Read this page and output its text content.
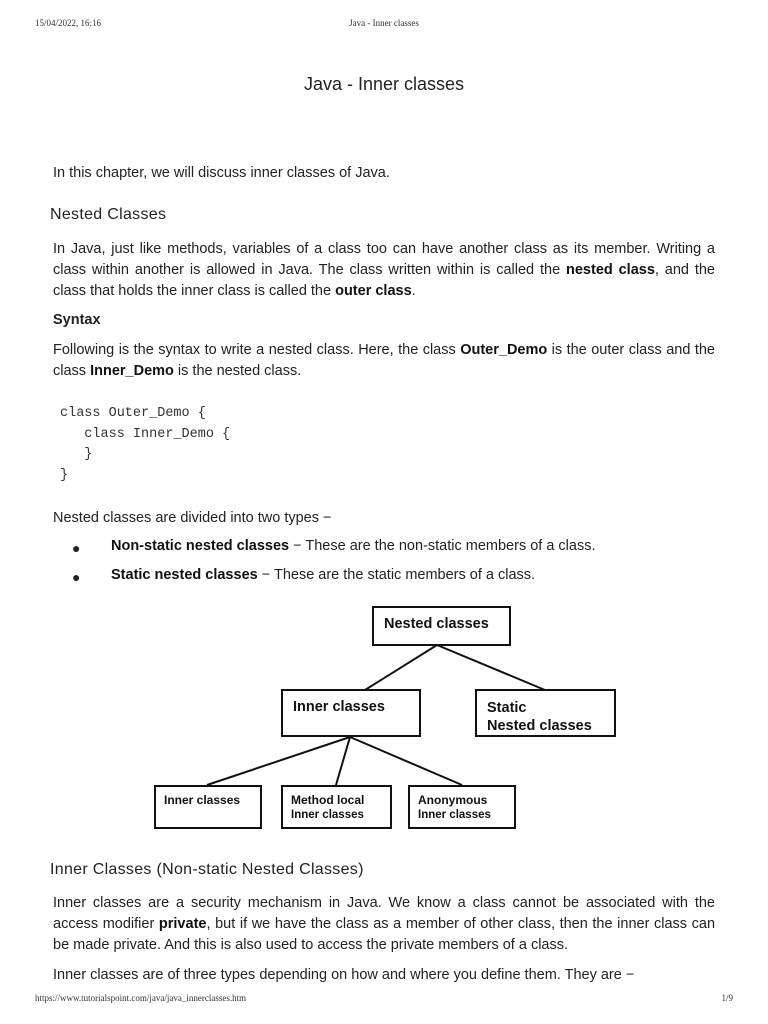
15/04/2022, 16:16	Java - Inner classes
Java - Inner classes

In this chapter, we will discuss inner classes of Java.

Nested Classes

In Java, just like methods, variables of a class too can have another class as its member. Writing a class within another is allowed in Java. The class written within is called the nested class, and the class that holds the inner class is called the outer class.

Syntax

Following is the syntax to write a nested class. Here, the class Outer_Demo is the outer class and the class Inner_Demo is the nested class.

class Outer_Demo {
class Inner_Demo {
}
}

Nested classes are divided into two types −

● Non-static nested classes − These are the non-static members of a class.
● Static nested classes − These are the static members of a class.
Nested classes
Inner classes	Static
Nested classes
Inner classes	Method local
Inner classes
Anonymous
Inner classes
Inner Classes (Non-static Nested Classes)

Inner classes are a security mechanism in Java. We know a class cannot be associated with the access modifier private, but if we have the class as a member of other class, then the inner class can be made private. And this is also used to access the private members of a class.

Inner classes are of three types depending on how and where you define them. They are −

https://www.tutorialspoint.com/java/java_innerclasses.htm	1/9
